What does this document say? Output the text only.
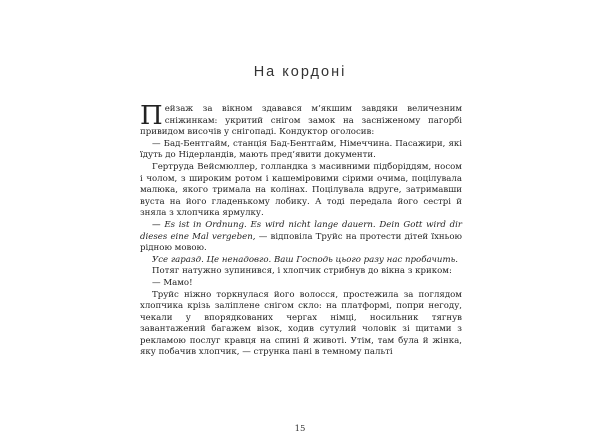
На кордоні

Пейзаж за вікном здавався м’якшим завдяки величезним сніжинкам: укритий снігом замок на засніженому пагорбі привидом височів у снігопаді. Кондуктор оголосив:

— Бад-Бентгайм, станція Бад-Бентгайм, Німеччина. Пасажири, які їдуть до Нідерландів, мають пред’явити документи.

Гертруда Вейсмюллер, голландка з масивними підборіддям, носом і чолом, з широким ротом і кашеміровими сірими очима, поцілувала малюка, якого тримала на колінах. Поцілувала вдруге, затримавши вуста на його гладенькому лобику. А тоді передала його сестрі й зняла з хлопчика ярмулку.

— Es ist in Ordnung. Es wird nicht lange dauern. Dein Gott wird dir dieses eine Mal vergeben, — відповіла Труйс на протести дітей їхньою рідною мовою.

Усе гаразд. Це ненадовго. Ваш Господь цього разу нас пробачить.

Потяг натужно зупинився, і хлопчик стрибнув до вікна з криком:

— Мамо!

Труйс ніжно торкнулася його волосся, простежила за поглядом хлопчика крізь заліплене снігом скло: на платформі, попри негоду, чекали у впорядкованих чергах німці, носильник тягнув завантажений багажем візок, ходив сутулий чоловік зі щитами з рекламою послуг кравця на спині й животі. Утім, там була й жінка, яку побачив хлопчик, — струнка пані в темному пальті

15
